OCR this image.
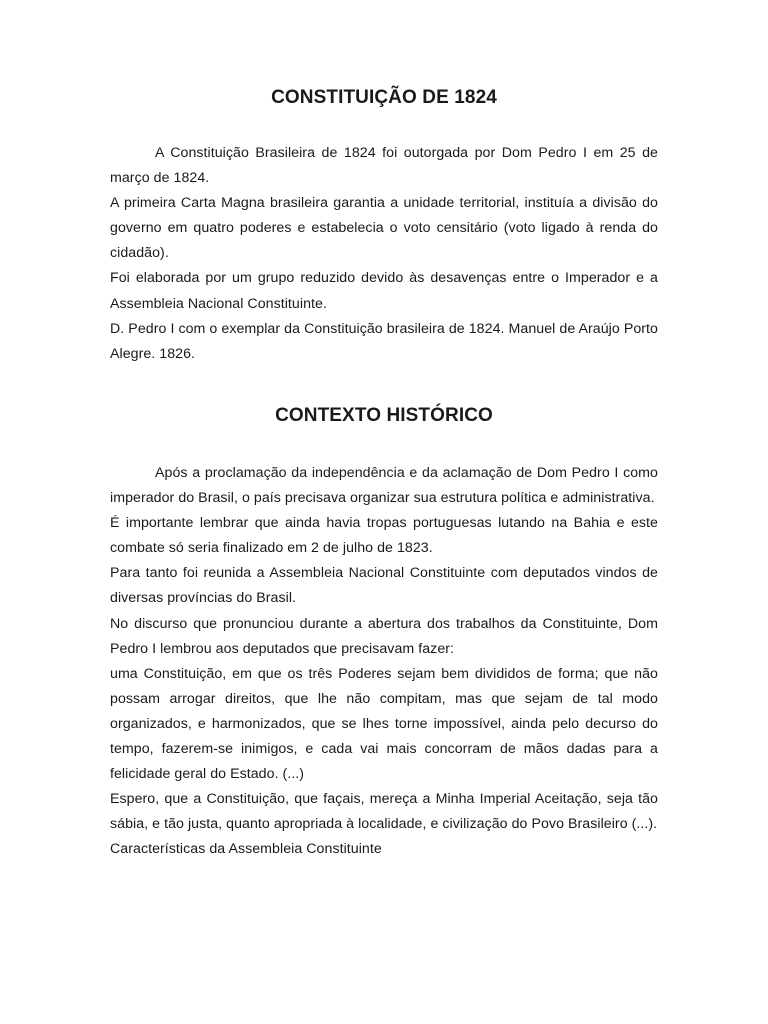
CONSTITUIÇÃO DE 1824

A Constituição Brasileira de 1824 foi outorgada por Dom Pedro I em 25 de março de 1824.

A primeira Carta Magna brasileira garantia a unidade territorial, instituía a divisão do governo em quatro poderes e estabelecia o voto censitário (voto ligado à renda do cidadão).

Foi elaborada por um grupo reduzido devido às desavenças entre o Imperador e a Assembleia Nacional Constituinte.

D. Pedro I com o exemplar da Constituição brasileira de 1824. Manuel de Araújo Porto Alegre. 1826.

CONTEXTO HISTÓRICO

Após a proclamação da independência e da aclamação de Dom Pedro I como imperador do Brasil, o país precisava organizar sua estrutura política e administrativa.

É importante lembrar que ainda havia tropas portuguesas lutando na Bahia e este combate só seria finalizado em 2 de julho de 1823.

Para tanto foi reunida a Assembleia Nacional Constituinte com deputados vindos de diversas províncias do Brasil.

No discurso que pronunciou durante a abertura dos trabalhos da Constituinte, Dom Pedro I lembrou aos deputados que precisavam fazer:

uma Constituição, em que os três Poderes sejam bem divididos de forma; que não possam arrogar direitos, que lhe não compitam, mas que sejam de tal modo organizados, e harmonizados, que se lhes torne impossível, ainda pelo decurso do tempo, fazerem-se inimigos, e cada vai mais concorram de mãos dadas para a felicidade geral do Estado. (...)

Espero, que a Constituição, que façais, mereça a Minha Imperial Aceitação, seja tão sábia, e tão justa, quanto apropriada à localidade, e civilização do Povo Brasileiro (...).

Características da Assembleia Constituinte
